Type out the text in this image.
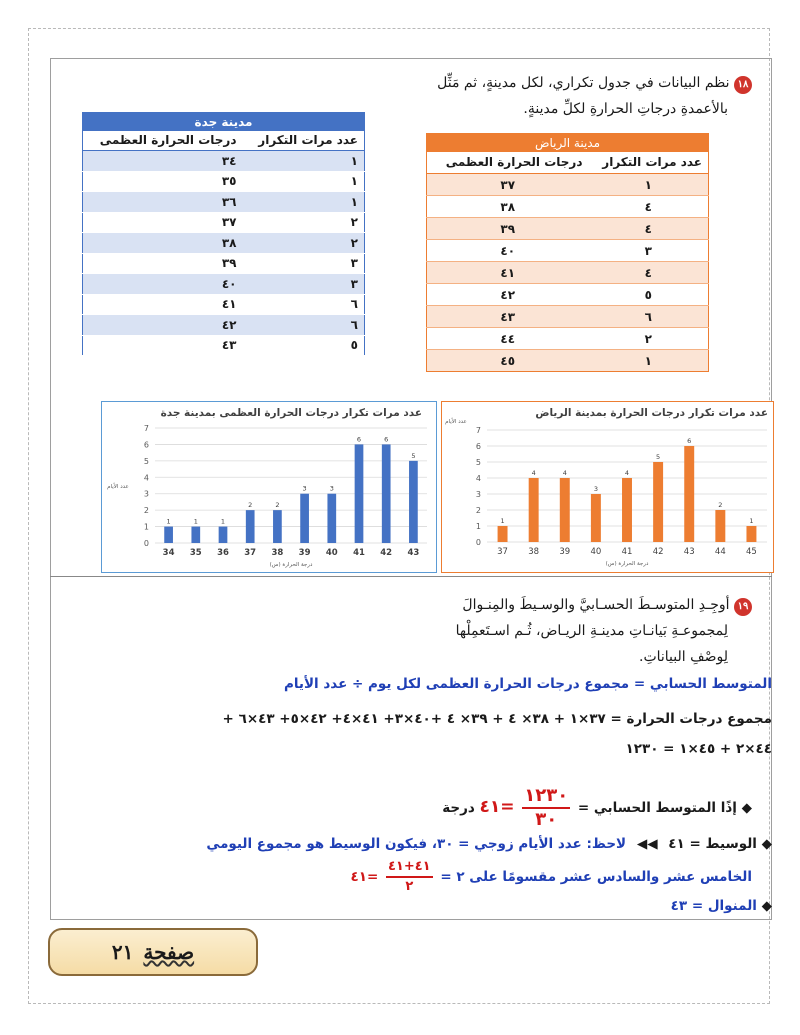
١٨ نظم البيانات في جدول تكراري، لكل مدينةٍ، ثم مَثِّل
بالأعمدةِ درجاتِ الحرارةِ لكلِّ مدينةٍ.
مدينة جدة	
عدد مرات التكرار	درجات الحرارة العظمى
١	٣٤
١	٣٥
١	٣٦
٢	٣٧
٢	٣٨
٣	٣٩
٣	٤٠
٦	٤١
٦	٤٢
٥	٤٣
مدينة الرياض	
عدد مرات التكرار	درجات الحرارة العظمى
١	٣٧
٤	٣٨
٤	٣٩
٣	٤٠
٤	٤١
٥	٤٢
٦	٤٣
٢	٤٤
١	٤٥
عدد مرات تكرار درجات الحرارة العظمى بمدينة جدة
0
1
2
3
4
5
6
7
عدد الأيام
1
34
1
35
1
36
2
37
2
38
3
39
3
40
6
41
6
42
5
43
درجة الحرارة (س)
عدد مرات تكرار درجات الحرارة بمدينة الرياض
0
1
2
3
4
5
6
7
عدد الأيام
1
37
4
38
4
39
3
40
4
41
5
42
6
43
2
44
1
45
درجة الحرارة (س)
١٩ أوجِـدِ المتوسـطَ الحسـابيَّ والوسـيطَ والمِنـوالَ
لِمجموعـةِ بَيانـاتِ مدينـةِ الريـاض، ثُـم اسـتَعمِلْها
لِوصْفِ البياناتِ.
المتوسط الحسابي = مجموع درجات الحرارة العظمى لكل يوم ÷ عدد الأيام
مجموع درجات الحرارة = ٣٧×١ + ٣٨× ٤ + ٣٩× ٤ +٤٠×٣+ ٤١×٤+ ٤٢×٥+ ٤٣×٦ +
٤٤×٢ + ٤٥×١ = ١٢٣٠
◆ إذًا المتوسط الحسابي =
$\frac{١٢٣٠}{٣٠}$
=٤١ درجة
◆ الوسيط = ٤١ ◀◀ لاحظ: عدد الأيام زوجي = ٣٠، فيكون الوسيط هو مجموع اليومي
الخامس عشر والسادس عشر مقسومًا على ٢ =
$\frac{٤١+٤١}{٢}$
=٤١
◆ المنوال = ٤٣
صفحة
٢١
